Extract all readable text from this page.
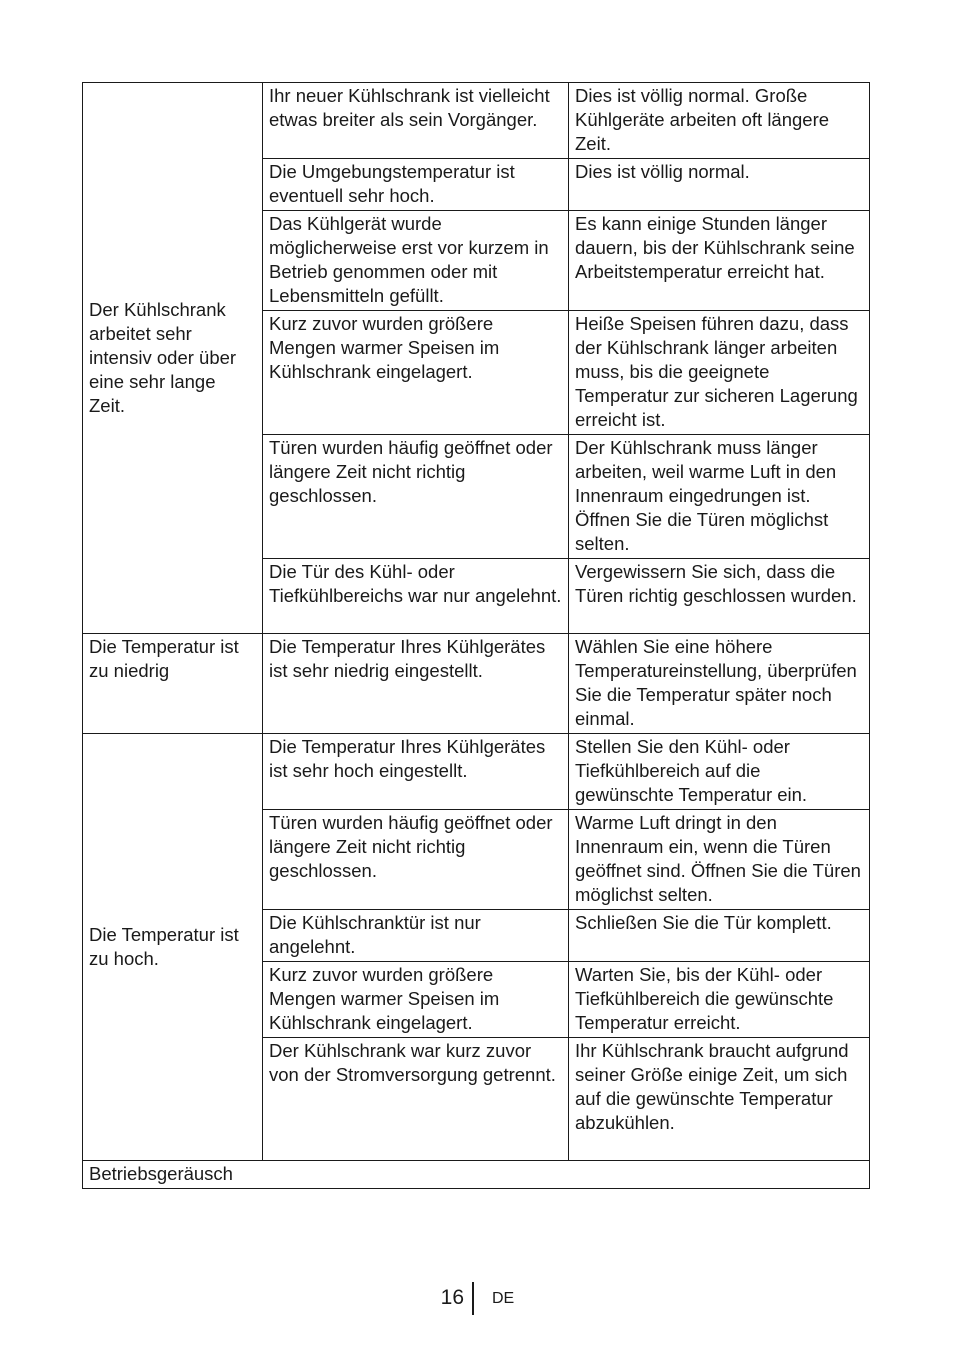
Der Kühlschrank arbeitet sehr intensiv oder über eine sehr lange Zeit.	Ihr neuer Kühlschrank ist vielleicht etwas breiter als sein Vorgänger.	Dies ist völlig normal. Große Kühlgeräte arbeiten oft längere Zeit.
	Die Umgebungstemperatur ist eventuell sehr hoch.	Dies ist völlig normal.
	Das Kühlgerät wurde möglicherweise erst vor kurzem in Betrieb genommen oder mit Lebensmitteln gefüllt.	Es kann einige Stunden länger dauern, bis der Kühlschrank seine Arbeitstemperatur erreicht hat.
	Kurz zuvor wurden größere Mengen warmer Speisen im Kühlschrank eingelagert.	Heiße Speisen führen dazu, dass der Kühlschrank länger arbeiten muss, bis die geeignete Temperatur zur sicheren Lagerung erreicht ist.
	Türen wurden häufig geöffnet oder längere Zeit nicht richtig geschlossen.	Der Kühlschrank muss länger arbeiten, weil warme Luft in den Innenraum eingedrungen ist. Öffnen Sie die Türen möglichst selten.
	Die Tür des Kühl- oder Tiefkühlbereichs war nur angelehnt.	Vergewissern Sie sich, dass die Türen richtig geschlossen wurden.
Die Temperatur ist zu niedrig	Die Temperatur Ihres Kühlgerätes ist sehr niedrig eingestellt.	Wählen Sie eine höhere Temperatureinstellung, überprüfen Sie die Temperatur später noch einmal.
Die Temperatur ist zu hoch.	Die Temperatur Ihres Kühlgerätes ist sehr hoch eingestellt.	Stellen Sie den Kühl- oder Tiefkühlbereich auf die gewünschte Temperatur ein.
	Türen wurden häufig geöffnet oder längere Zeit nicht richtig geschlossen.	Warme Luft dringt in den Innenraum ein, wenn die Türen geöffnet sind. Öffnen Sie die Türen möglichst selten.
	Die Kühlschranktür ist nur angelehnt.	Schließen Sie die Tür komplett.
	Kurz zuvor wurden größere Mengen warmer Speisen im Kühlschrank eingelagert.	Warten Sie, bis der Kühl- oder Tiefkühlbereich die gewünschte Temperatur erreicht.
	Der Kühlschrank war kurz zuvor von der Stromversorgung getrennt.	Ihr Kühlschrank braucht aufgrund seiner Größe einige Zeit, um sich auf die gewünschte Temperatur abzukühlen.
Betriebsgeräusch		
16 DE
